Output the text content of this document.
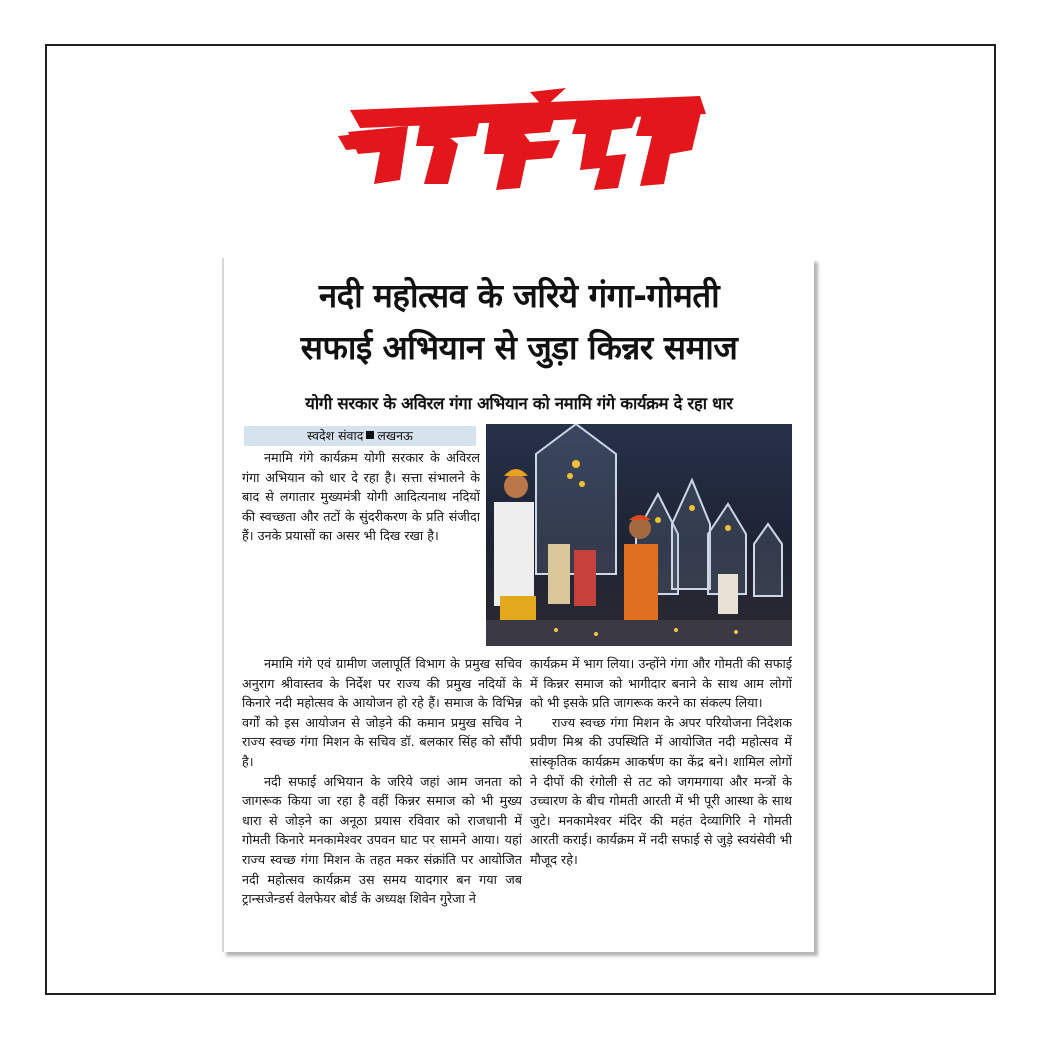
नदी महोत्सव के जरिये गंगा-गोमती
सफाई अभियान से जुड़ा किन्नर समाज
योगी सरकार के अविरल गंगा अभियान को नमामि गंगे कार्यक्रम दे रहा धार
स्वदेश संवाद लखनऊ

नमामि गंगे कार्यक्रम योगी सरकार के अविरल गंगा अभियान को धार दे रहा है। सत्ता संभालने के बाद से लगातार मुख्यमंत्री योगी आदित्यनाथ नदियों की स्वच्छता और तटों के सुंदरीकरण के प्रति संजीदा हैं। उनके प्रयासों का असर भी दिख रखा है।

नमामि गंगे एवं ग्रामीण जलापूर्ति विभाग के प्रमुख सचिव अनुराग श्रीवास्तव के निर्देश पर राज्य की प्रमुख नदियों के किनारे नदी महोत्सव के आयोजन हो रहे हैं। समाज के विभिन्न वर्गों को इस आयोजन से जोड़ने की कमान प्रमुख सचिव ने राज्य स्वच्छ गंगा मिशन के सचिव डॉ. बलकार सिंह को सौंपी है।

नदी सफाई अभियान के जरिये जहां आम जनता को जागरूक किया जा रहा है वहीं किन्नर समाज को भी मुख्य धारा से जोड़ने का अनूठा प्रयास रविवार को राजधानी में गोमती किनारे मनकामेश्वर उपवन घाट पर सामने आया। यहां राज्य स्वच्छ गंगा मिशन के तहत मकर संक्रांति पर आयोजित नदी महोत्सव कार्यक्रम उस समय यादगार बन गया जब ट्रान्सजेन्डर्स वेलफेयर बोर्ड के अध्यक्ष शिवेन गुरेजा ने

कार्यक्रम में भाग लिया। उन्होंने गंगा और गोमती की सफाई में किन्नर समाज को भागीदार बनाने के साथ आम लोगों को भी इसके प्रति जागरूक करने का संकल्प लिया।

राज्य स्वच्छ गंगा मिशन के अपर परियोजना निदेशक प्रवीण मिश्र की उपस्थिति में आयोजित नदी महोत्सव में सांस्कृतिक कार्यक्रम आकर्षण का केंद्र बने। शामिल लोगों ने दीपों की रंगोली से तट को जगमगाया और मन्त्रों के उच्चारण के बीच गोमती आरती में भी पूरी आस्था के साथ जुटे। मनकामेश्वर मंदिर की महंत देव्यागिरि ने गोमती आरती कराई। कार्यक्रम में नदी सफाई से जुड़े स्वयंसेवी भी मौजूद रहे।
